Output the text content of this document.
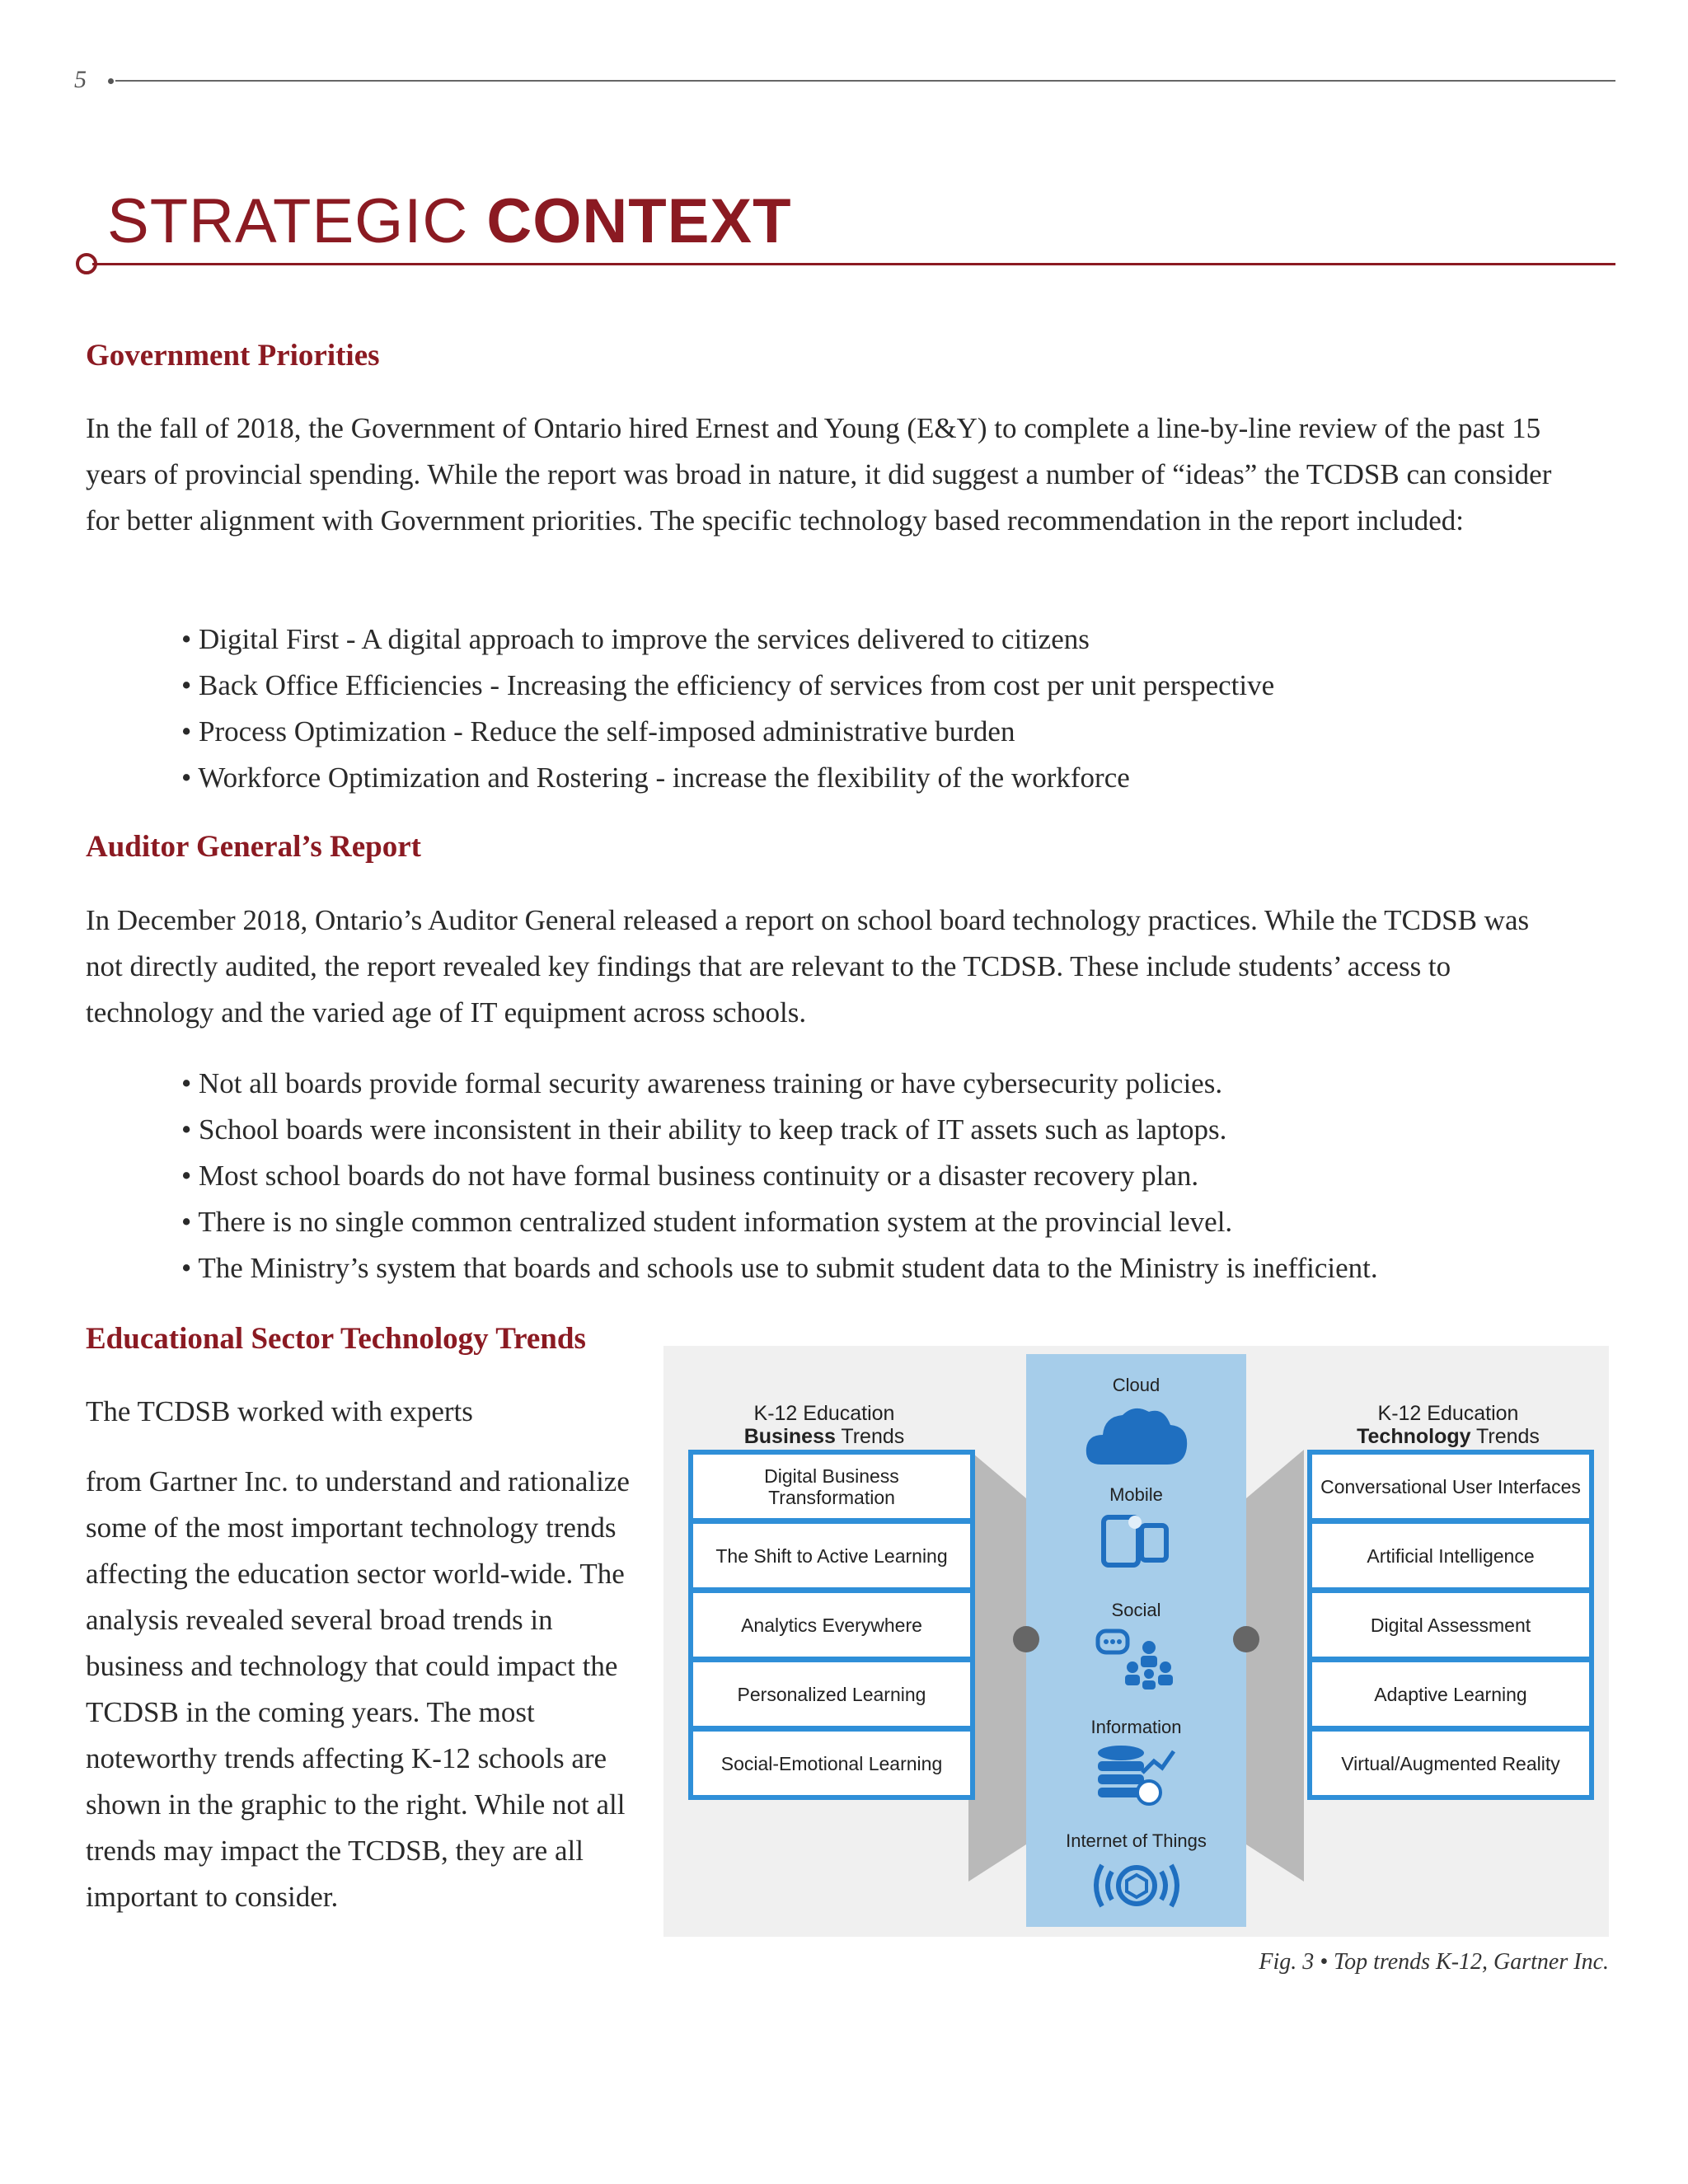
5
STRATEGIC CONTEXT
Government Priorities

In the fall of 2018, the Government of Ontario hired Ernest and Young (E&Y) to complete a line-by-line review of the past 15 years of provincial spending. While the report was broad in nature, it did suggest a number of “ideas” the TCDSB can consider for better alignment with Government priorities. The specific technology based recommendation in the report included:

• Digital First - A digital approach to improve the services delivered to citizens
• Back Office Efficiencies - Increasing the efficiency of services from cost per unit perspective
• Process Optimization - Reduce the self-imposed administrative burden
• Workforce Optimization and Rostering - increase the flexibility of the workforce
Auditor General’s Report

In December 2018, Ontario’s Auditor General released a report on school board technology practices. While the TCDSB was not directly audited, the report revealed key findings that are relevant to the TCDSB. These include students’ access to technology and the varied age of IT equipment across schools.

• Not all boards provide formal security awareness training or have cybersecurity policies.
• School boards were inconsistent in their ability to keep track of IT assets such as laptops.
• Most school boards do not have formal business continuity or a disaster recovery plan.
• There is no single common centralized student information system at the provincial level.
• The Ministry’s system that boards and schools use to submit student data to the Ministry is inefficient.
Educational Sector Technology Trends

The TCDSB worked with experts

from Gartner Inc. to understand and rationalize some of the most important technology trends affecting the education sector world-wide. The analysis revealed several broad trends in business and technology that could impact the TCDSB in the coming years. The most noteworthy trends affecting K-12 schools are shown in the graphic to the right. While not all trends may impact the TCDSB, they are all important to consider.

Cloud
Mobile
Social
Information
Internet of Things
K-12 Education
Business Trends
Digital Business Transformation
The Shift to Active Learning
Analytics Everywhere
Personalized Learning
Social-Emotional Learning
K-12 Education
Technology Trends
Conversational User Interfaces
Artificial Intelligence
Digital Assessment
Adaptive Learning
Virtual/Augmented Reality
Fig. 3 • Top trends K-12, Gartner Inc.
